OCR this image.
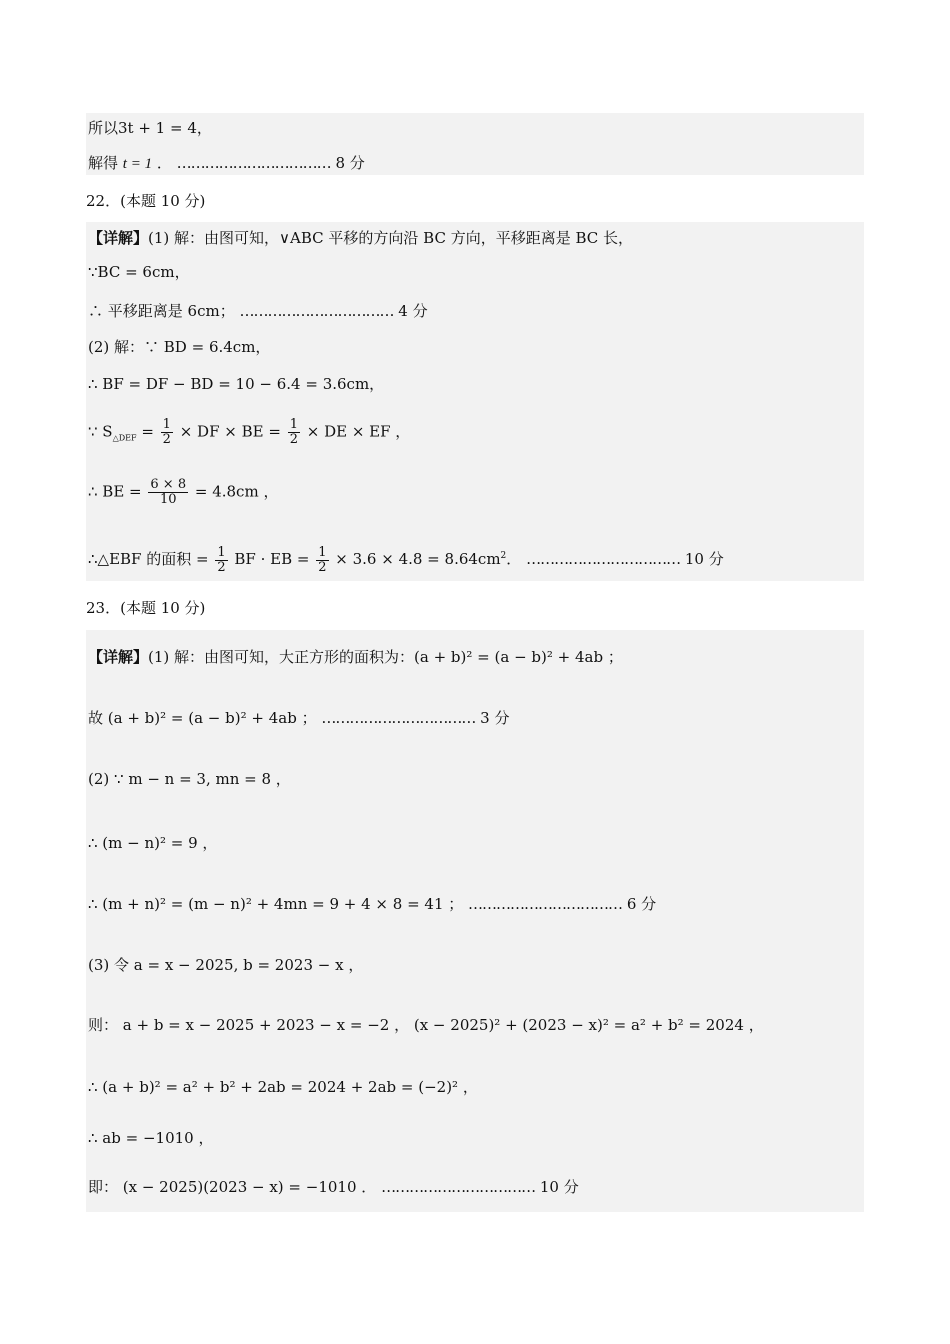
所以3t + 1 = 4，
解得 t = 1 ． …………………………… 8 分
22．(本题 10 分)
【详解】(1) 解：由图可知，∨ABC 平移的方向沿 BC 方向，平移距离是 BC 长，
∵BC = 6cm，
∴ 平移距离是 6cm； …………………………… 4 分
(2) 解：∵ BD = 6.4cm，
∴ BF = DF − BD = 10 − 6.4 = 3.6cm，
∵ $S_{\triangle DEF} = \frac{1}{2}$ × DF × BE = $\frac{1}{2}$ × DE × EF ，
∴ BE = $\frac{6 \times 8}{10} = 4.8cm$ ，
∴△EBF 的面积 = $\frac{1}{2}$ BF · EB = $\frac{1}{2} \times 3.6 \times 4.8 = 8.64cm^2$． …………………………… 10 分
23．(本题 10 分)
【详解】(1) 解：由图可知，大正方形的面积为：(a + b)² = (a − b)² + 4ab ；
故 (a + b)² = (a − b)² + 4ab ； …………………………… 3 分
(2) ∵ m − n = 3, mn = 8 ，
∴ (m − n)² = 9 ，
∴ (m + n)² = (m − n)² + 4mn = 9 + 4 × 8 = 41 ； …………………………… 6 分
(3) 令 a = x − 2025, b = 2023 − x ，
则： a + b = x − 2025 + 2023 − x = −2 ， (x − 2025)² + (2023 − x)² = a² + b² = 2024 ，
∴ (a + b)² = a² + b² + 2ab = 2024 + 2ab = (−2)² ，
∴ ab = −1010 ，
即： (x − 2025)(2023 − x) = −1010 ． …………………………… 10 分
